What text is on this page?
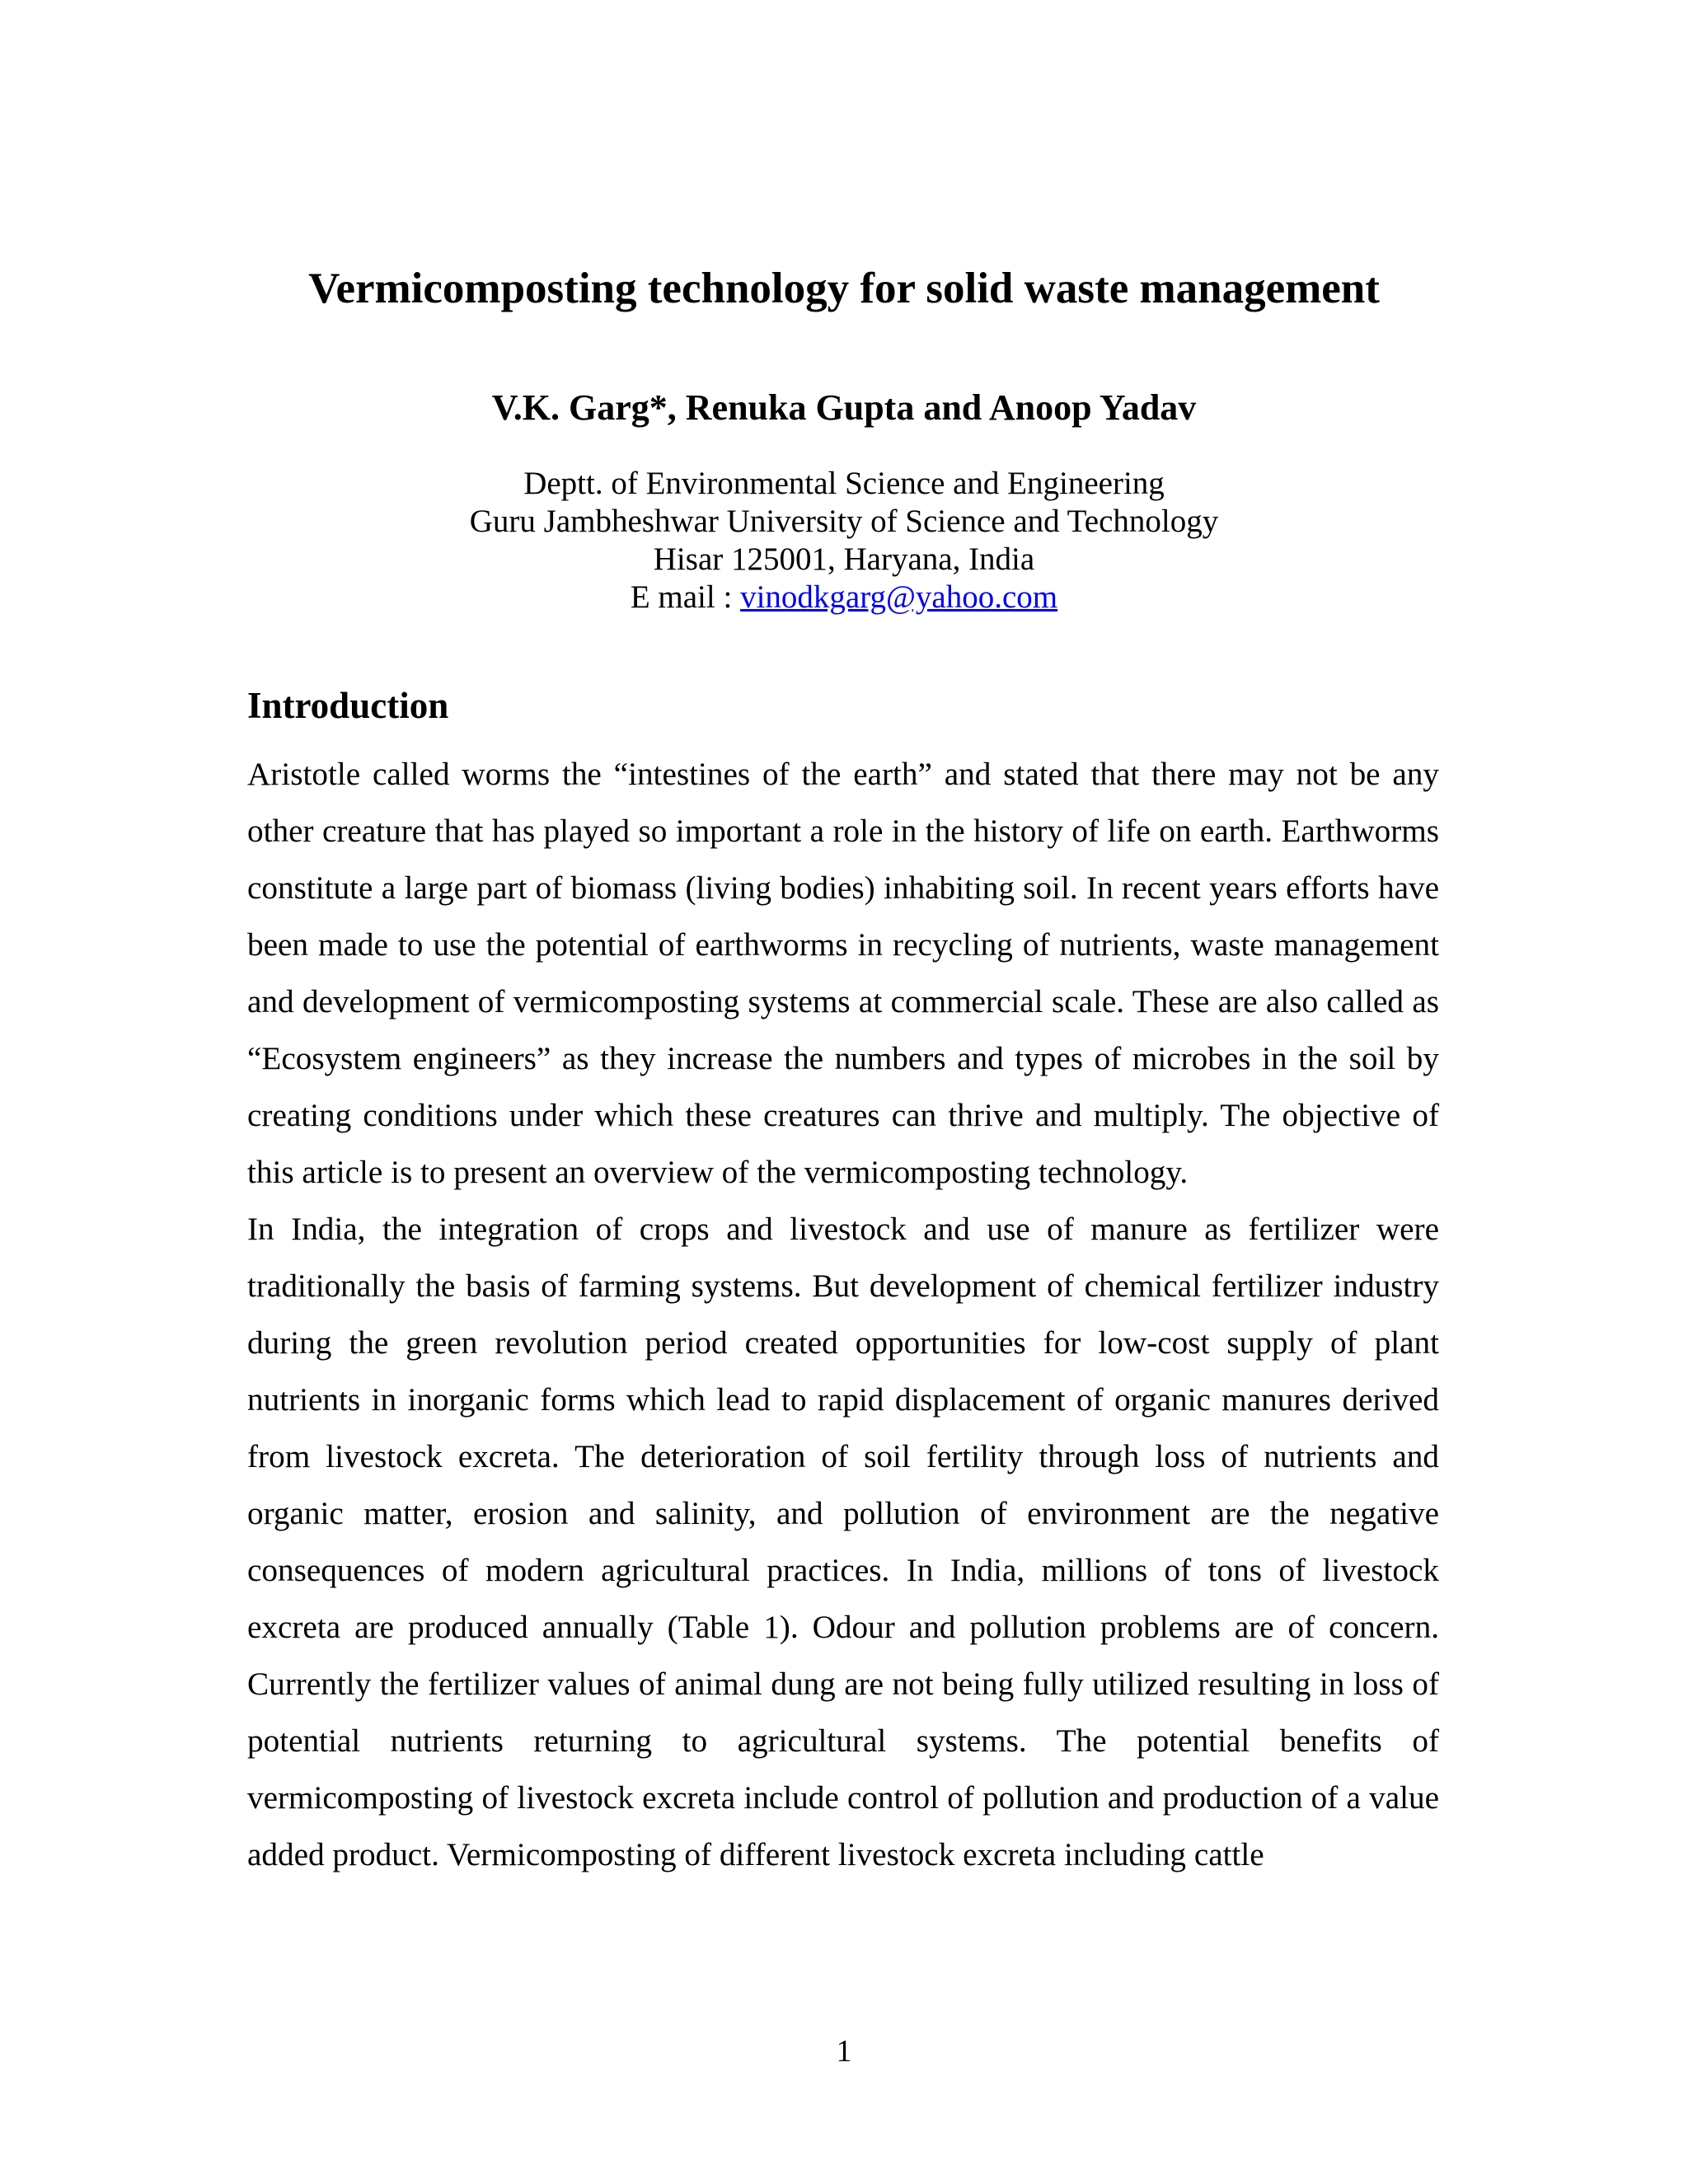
Vermicomposting technology for solid waste management
V.K. Garg*, Renuka Gupta and Anoop Yadav
Deptt. of Environmental Science and Engineering
Guru Jambheshwar University of Science and Technology
Hisar 125001, Haryana, India
E mail : vinodkgarg@yahoo.com
Introduction

Aristotle called worms the “intestines of the earth” and stated that there may not be any other creature that has played so important a role in the history of life on earth. Earthworms constitute a large part of biomass (living bodies) inhabiting soil. In recent years efforts have been made to use the potential of earthworms in recycling of nutrients, waste management and development of vermicomposting systems at commercial scale. These are also called as “Ecosystem engineers” as they increase the numbers and types of microbes in the soil by creating conditions under which these creatures can thrive and multiply. The objective of this article is to present an overview of the vermicomposting technology.

In India, the integration of crops and livestock and use of manure as fertilizer were traditionally the basis of farming systems. But development of chemical fertilizer industry during the green revolution period created opportunities for low-cost supply of plant nutrients in inorganic forms which lead to rapid displacement of organic manures derived from livestock excreta. The deterioration of soil fertility through loss of nutrients and organic matter, erosion and salinity, and pollution of environment are the negative consequences of modern agricultural practices. In India, millions of tons of livestock excreta are produced annually (Table 1). Odour and pollution problems are of concern. Currently the fertilizer values of animal dung are not being fully utilized resulting in loss of potential nutrients returning to agricultural systems. The potential benefits of vermicomposting of livestock excreta include control of pollution and production of a value added product. Vermicomposting of different livestock excreta including cattle

1
